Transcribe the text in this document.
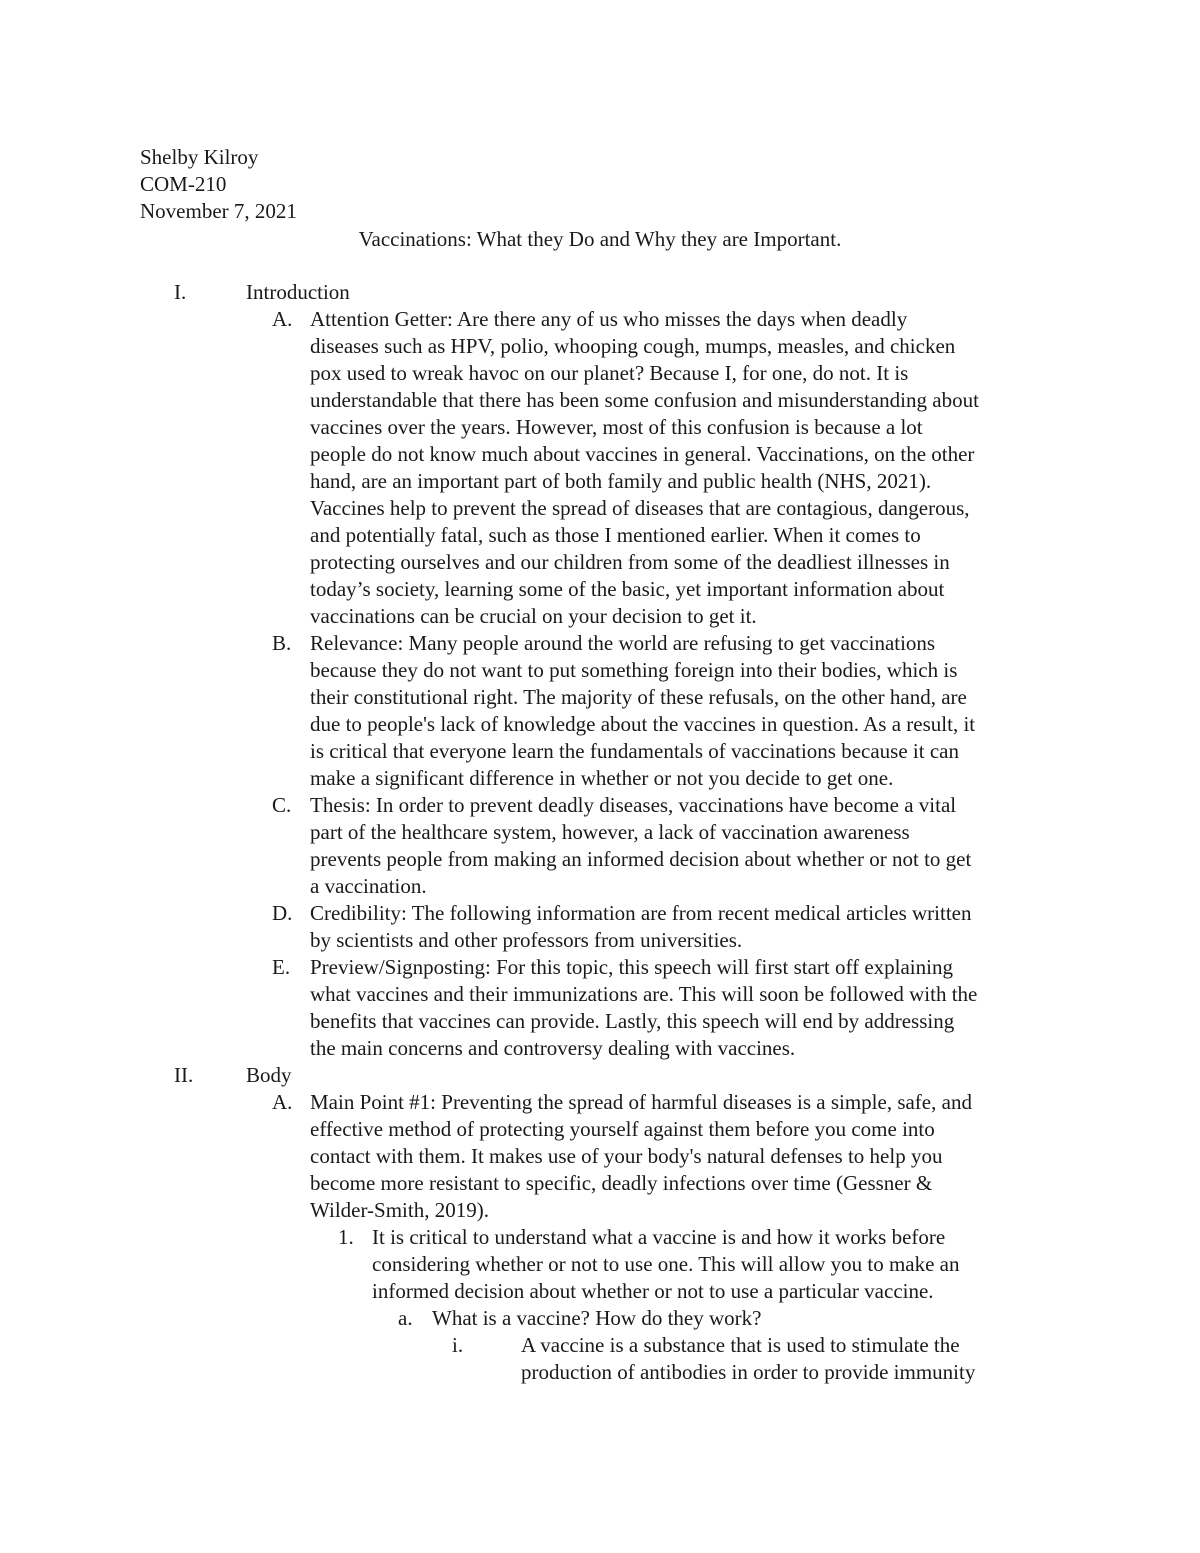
Shelby Kilroy
COM-210
November 7, 2021
Vaccinations: What they Do and Why they are Important.
I.	Introduction
A. Attention Getter: Are there any of us who misses the days when deadly
diseases such as HPV, polio, whooping cough, mumps, measles, and chicken
pox used to wreak havoc on our planet? Because I, for one, do not. It is
understandable that there has been some confusion and misunderstanding about
vaccines over the years. However, most of this confusion is because a lot
people do not know much about vaccines in general. Vaccinations, on the other
hand, are an important part of both family and public health (NHS, 2021).
Vaccines help to prevent the spread of diseases that are contagious, dangerous,
and potentially fatal, such as those I mentioned earlier. When it comes to
protecting ourselves and our children from some of the deadliest illnesses in
today’s society, learning some of the basic, yet important information about
vaccinations can be crucial on your decision to get it.
B. Relevance: Many people around the world are refusing to get vaccinations
because they do not want to put something foreign into their bodies, which is
their constitutional right. The majority of these refusals, on the other hand, are
due to people's lack of knowledge about the vaccines in question. As a result, it
is critical that everyone learn the fundamentals of vaccinations because it can
make a significant difference in whether or not you decide to get one.
C. Thesis: In order to prevent deadly diseases, vaccinations have become a vital
part of the healthcare system, however, a lack of vaccination awareness
prevents people from making an informed decision about whether or not to get
a vaccination.
D. Credibility: The following information are from recent medical articles written
by scientists and other professors from universities.
E. Preview/Signposting: For this topic, this speech will first start off explaining
what vaccines and their immunizations are. This will soon be followed with the
benefits that vaccines can provide. Lastly, this speech will end by addressing
the main concerns and controversy dealing with vaccines.
II.	Body
A. Main Point #1: Preventing the spread of harmful diseases is a simple, safe, and
effective method of protecting yourself against them before you come into
contact with them. It makes use of your body's natural defenses to help you
become more resistant to specific, deadly infections over time (Gessner &
Wilder-Smith, 2019).
1. It is critical to understand what a vaccine is and how it works before
considering whether or not to use one. This will allow you to make an
informed decision about whether or not to use a particular vaccine.
a. What is a vaccine? How do they work?
i.	A vaccine is a substance that is used to stimulate the
production of antibodies in order to provide immunity
